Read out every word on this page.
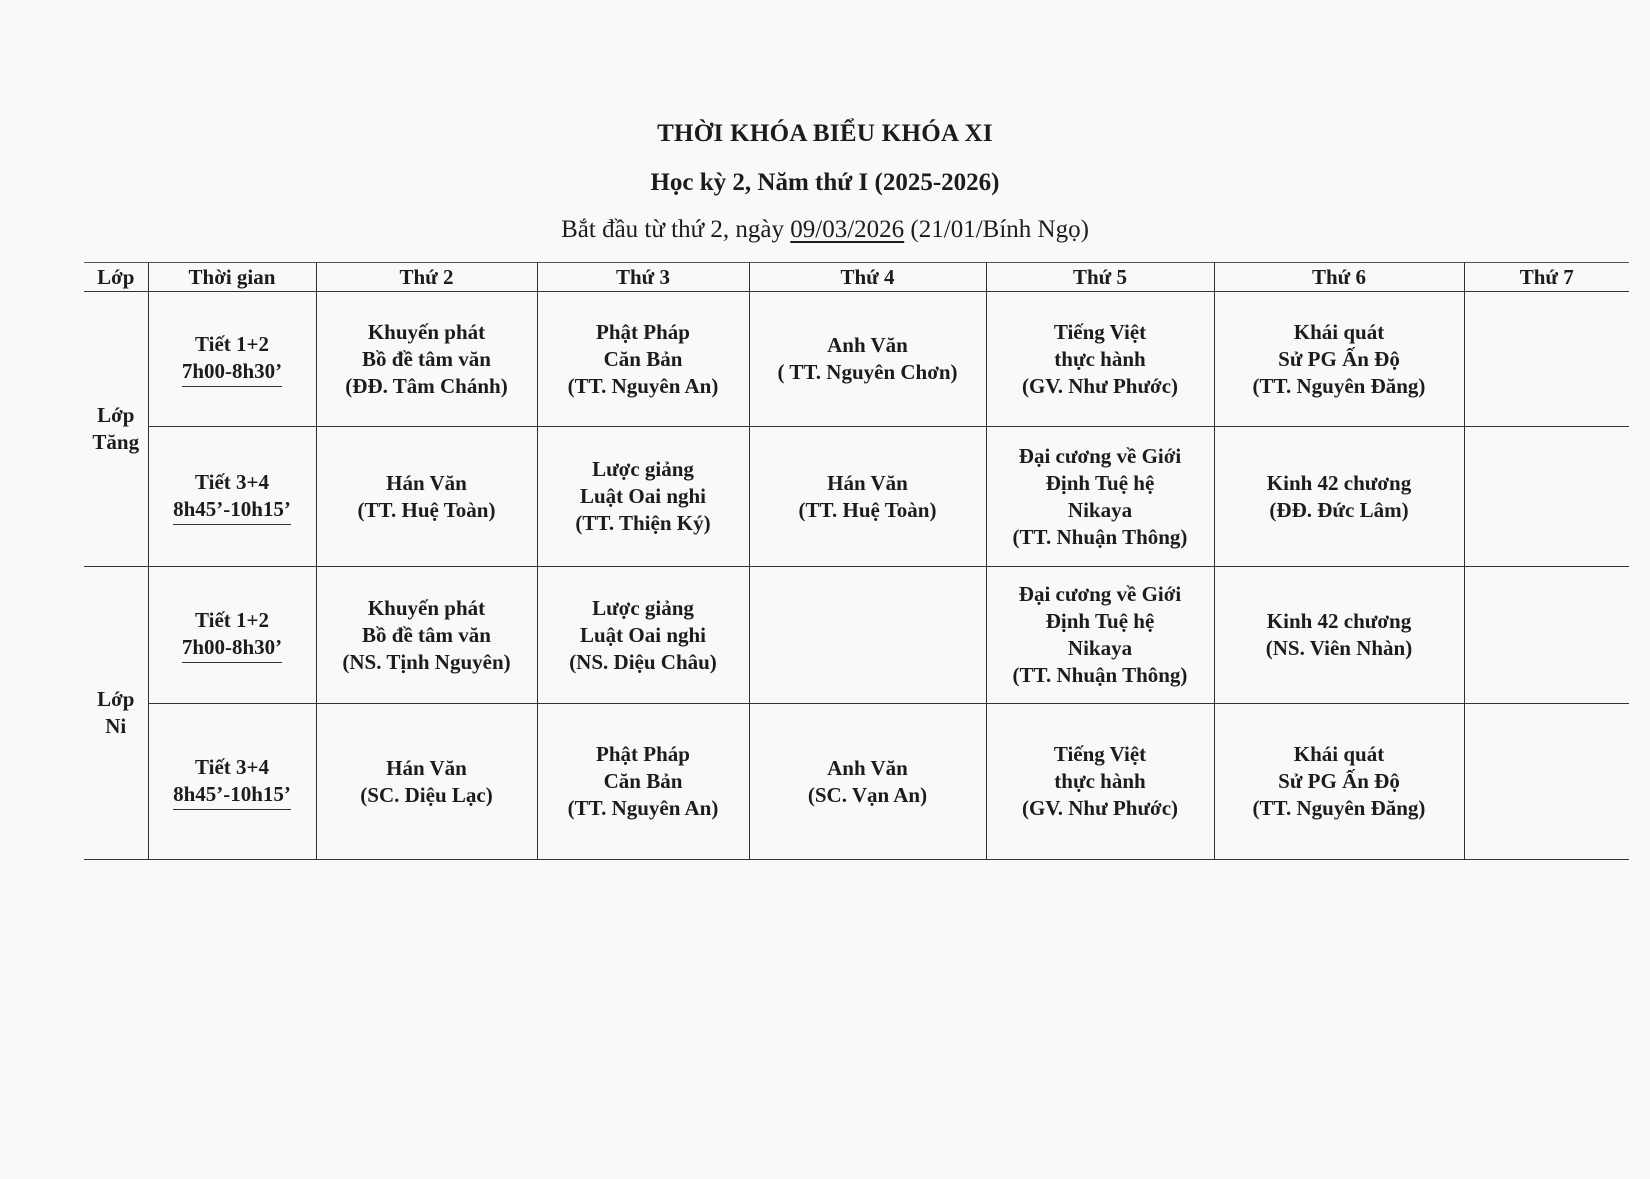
THỜI KHÓA BIỂU KHÓA XI
Học kỳ 2, Năm thứ I (2025-2026)
Bắt đầu từ thứ 2, ngày 09/03/2026 (21/01/Bính Ngọ)
Lớp	Thời gian	Thứ 2	Thứ 3	Thứ 4	Thứ 5	Thứ 6	Thứ 7

Lớp
Tăng	Tiết 1+2
7h00-8h30’	Khuyến phát
Bồ đề tâm văn
(ĐĐ. Tâm Chánh)	Phật Pháp
Căn Bản
(TT. Nguyên An)	Anh Văn
( TT. Nguyên Chơn)	Tiếng Việt
thực hành
(GV. Như Phước)	Khái quát
Sử PG Ấn Độ
(TT. Nguyên Đăng)	

	Tiết 3+4
8h45’-10h15’	Hán Văn
(TT. Huệ Toàn)	Lược giảng
Luật Oai nghi
(TT. Thiện Ký)	Hán Văn
(TT. Huệ Toàn)	Đại cương về Giới
Định Tuệ hệ
Nikaya
(TT. Nhuận Thông)	Kinh 42 chương
(ĐĐ. Đức Lâm)	

Lớp
Ni	Tiết 1+2
7h00-8h30’	Khuyến phát
Bồ đề tâm văn
(NS. Tịnh Nguyên)	Lược giảng
Luật Oai nghi
(NS. Diệu Châu)		Đại cương về Giới
Định Tuệ hệ
Nikaya
(TT. Nhuận Thông)	Kinh 42 chương
(NS. Viên Nhàn)	

	Tiết 3+4
8h45’-10h15’	Hán Văn
(SC. Diệu Lạc)	Phật Pháp
Căn Bản
(TT. Nguyên An)	Anh Văn
(SC. Vạn An)	Tiếng Việt
thực hành
(GV. Như Phước)	Khái quát
Sử PG Ấn Độ
(TT. Nguyên Đăng)	
